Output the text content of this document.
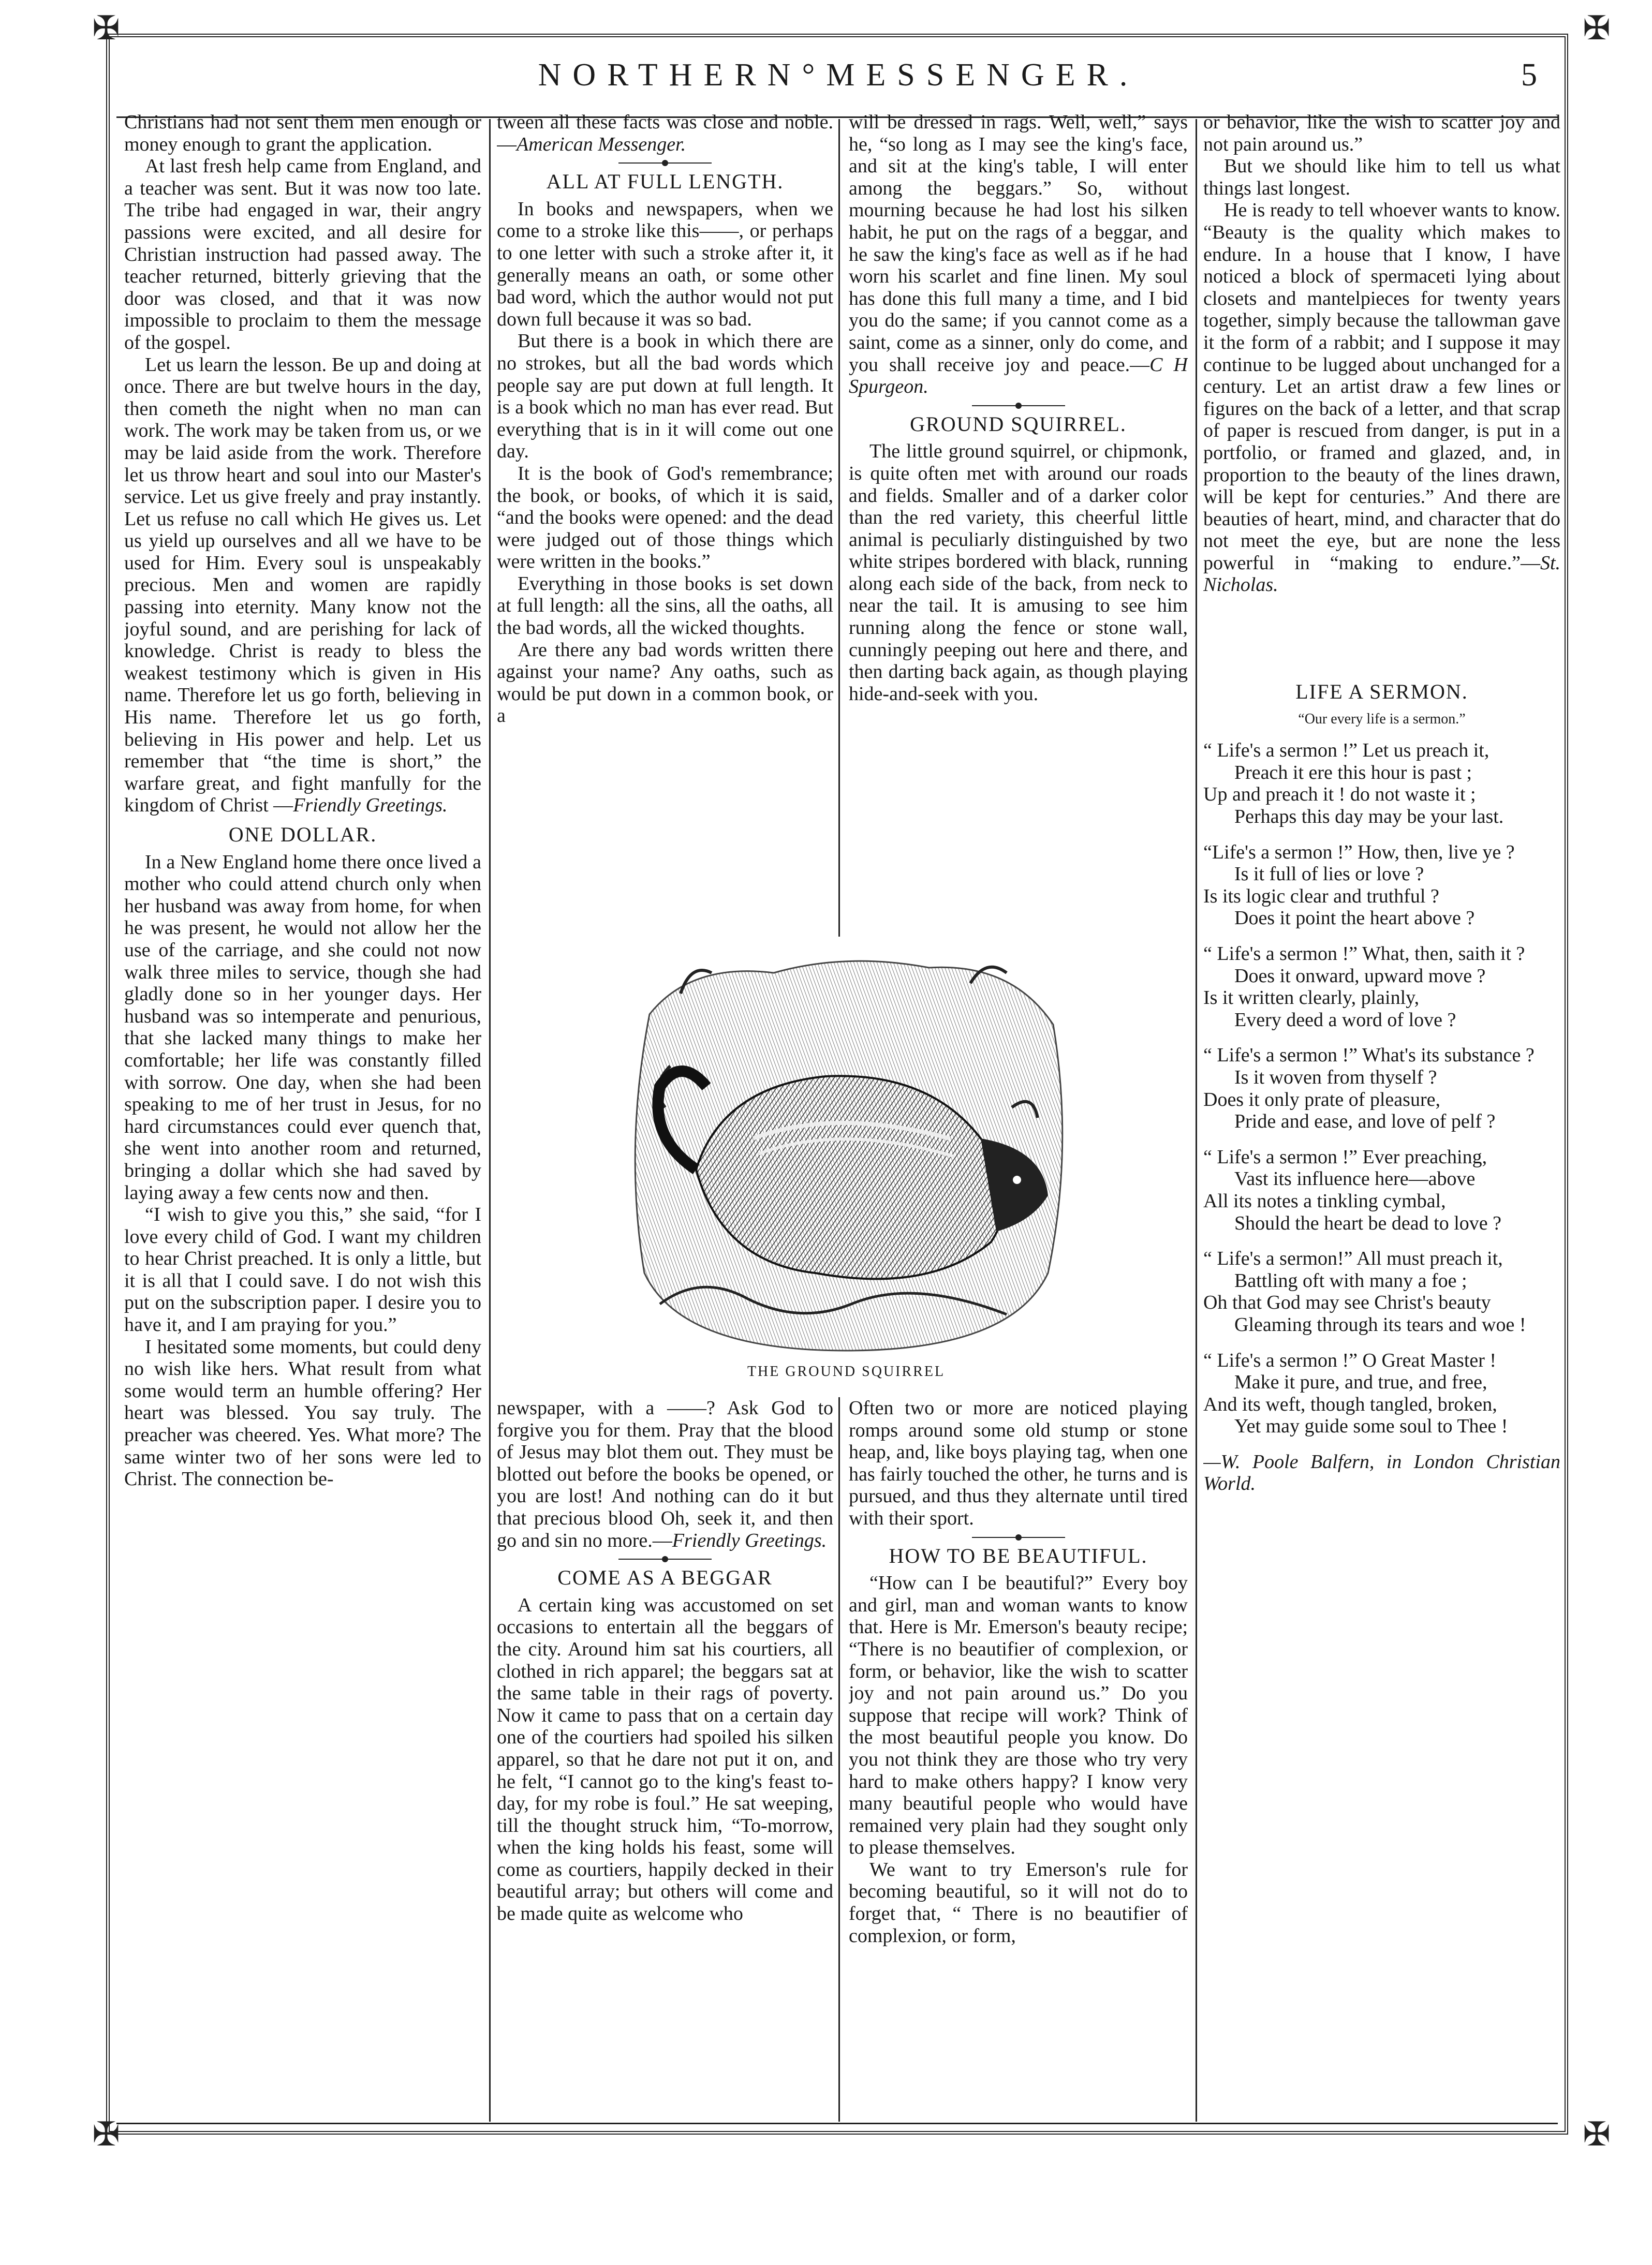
✠	✠
✠	✠
NORTHERN°MESSENGER.	5

Christians had not sent them men enough or money enough to grant the application.

At last fresh help came from England, and a teacher was sent. But it was now too late. The tribe had engaged in war, their angry passions were excited, and all desire for Christian instruction had passed away. The teacher returned, bitterly grieving that the door was closed, and that it was now impossible to proclaim to them the message of the gospel.

Let us learn the lesson. Be up and doing at once. There are but twelve hours in the day, then cometh the night when no man can work. The work may be taken from us, or we may be laid aside from the work. Therefore let us throw heart and soul into our Master's service. Let us give freely and pray instantly. Let us refuse no call which He gives us. Let us yield up ourselves and all we have to be used for Him. Every soul is unspeakably precious. Men and women are rapidly passing into eternity. Many know not the joyful sound, and are perishing for lack of knowledge. Christ is ready to bless the weakest testimony which is given in His name. Therefore let us go forth, believing in His name. Therefore let us go forth, believing in His power and help. Let us remember that “the time is short,” the warfare great, and fight manfully for the kingdom of Christ —Friendly Greetings.

ONE DOLLAR.

In a New England home there once lived a mother who could attend church only when her husband was away from home, for when he was present, he would not allow her the use of the carriage, and she could not now walk three miles to service, though she had gladly done so in her younger days. Her husband was so intemperate and penurious, that she lacked many things to make her comfortable; her life was constantly filled with sorrow. One day, when she had been speaking to me of her trust in Jesus, for no hard circumstances could ever quench that, she went into another room and returned, bringing a dollar which she had saved by laying away a few cents now and then.

“I wish to give you this,” she said, “for I love every child of God. I want my children to hear Christ preached. It is only a little, but it is all that I could save. I do not wish this put on the subscription paper. I desire you to have it, and I am praying for you.”

I hesitated some moments, but could deny no wish like hers. What result from what some would term an humble offering? Her heart was blessed. You say truly. The preacher was cheered. Yes. What more? The same winter two of her sons were led to Christ. The connection be-

tween all these facts was close and noble.—American Messenger.

ALL AT FULL LENGTH.

In books and newspapers, when we come to a stroke like this——, or perhaps to one letter with such a stroke after it, it generally means an oath, or some other bad word, which the author would not put down full because it was so bad.

But there is a book in which there are no strokes, but all the bad words which people say are put down at full length. It is a book which no man has ever read. But everything that is in it will come out one day.

It is the book of God's remembrance; the book, or books, of which it is said, “and the books were opened: and the dead were judged out of those things which were written in the books.”

Everything in those books is set down at full length: all the sins, all the oaths, all the bad words, all the wicked thoughts.

Are there any bad words written there against your name? Any oaths, such as would be put down in a common book, or a

will be dressed in rags. Well, well,” says he, “so long as I may see the king's face, and sit at the king's table, I will enter among the beggars.” So, without mourning because he had lost his silken habit, he put on the rags of a beggar, and he saw the king's face as well as if he had worn his scarlet and fine linen. My soul has done this full many a time, and I bid you do the same; if you cannot come as a saint, come as a sinner, only do come, and you shall receive joy and peace.—C H Spurgeon.

GROUND SQUIRREL.

The little ground squirrel, or chipmonk, is quite often met with around our roads and fields. Smaller and of a darker color than the red variety, this cheerful little animal is peculiarly distinguished by two white stripes bordered with black, running along each side of the back, from neck to near the tail. It is amusing to see him running along the fence or stone wall, cunningly peeping out here and there, and then darting back again, as though playing hide-and-seek with you.

THE GROUND SQUIRREL

newspaper, with a ——? Ask God to forgive you for them. Pray that the blood of Jesus may blot them out. They must be blotted out before the books be opened, or you are lost! And nothing can do it but that precious blood Oh, seek it, and then go and sin no more.—Friendly Greetings.

COME AS A BEGGAR

A certain king was accustomed on set occasions to entertain all the beggars of the city. Around him sat his courtiers, all clothed in rich apparel; the beggars sat at the same table in their rags of poverty. Now it came to pass that on a certain day one of the courtiers had spoiled his silken apparel, so that he dare not put it on, and he felt, “I cannot go to the king's feast to-day, for my robe is foul.” He sat weeping, till the thought struck him, “To-morrow, when the king holds his feast, some will come as courtiers, happily decked in their beautiful array; but others will come and be made quite as welcome who

Often two or more are noticed playing romps around some old stump or stone heap, and, like boys playing tag, when one has fairly touched the other, he turns and is pursued, and thus they alternate until tired with their sport.

HOW TO BE BEAUTIFUL.

“How can I be beautiful?” Every boy and girl, man and woman wants to know that. Here is Mr. Emerson's beauty recipe; “There is no beautifier of complexion, or form, or behavior, like the wish to scatter joy and not pain around us.” Do you suppose that recipe will work? Think of the most beautiful people you know. Do you not think they are those who try very hard to make others happy? I know very many beautiful people who would have remained very plain had they sought only to please themselves.

We want to try Emerson's rule for becoming beautiful, so it will not do to forget that, “ There is no beautifier of complexion, or form,

or behavior, like the wish to scatter joy and not pain around us.”

But we should like him to tell us what things last longest.

He is ready to tell whoever wants to know. “Beauty is the quality which makes to endure. In a house that I know, I have noticed a block of spermaceti lying about closets and mantelpieces for twenty years together, simply because the tallowman gave it the form of a rabbit; and I suppose it may continue to be lugged about unchanged for a century. Let an artist draw a few lines or figures on the back of a letter, and that scrap of paper is rescued from danger, is put in a portfolio, or framed and glazed, and, in proportion to the beauty of the lines drawn, will be kept for centuries.” And there are beauties of heart, mind, and character that do not meet the eye, but are none the less powerful in “making to endure.”—St. Nicholas.

LIFE A SERMON.
“Our every life is a sermon.”
“ Life's a sermon !” Let us preach it,
Preach it ere this hour is past ;
Up and preach it ! do not waste it ;
Perhaps this day may be your last.
“Life's a sermon !” How, then, live ye ?
Is it full of lies or love ?
Is its logic clear and truthful ?
Does it point the heart above ?
“ Life's a sermon !” What, then, saith it ?
Does it onward, upward move ?
Is it written clearly, plainly,
Every deed a word of love ?
“ Life's a sermon !” What's its substance ?
Is it woven from thyself ?
Does it only prate of pleasure,
Pride and ease, and love of pelf ?
“ Life's a sermon !” Ever preaching,
Vast its influence here—above
All its notes a tinkling cymbal,
Should the heart be dead to love ?
“ Life's a sermon!” All must preach it,
Battling oft with many a foe ;
Oh that God may see Christ's beauty
Gleaming through its tears and woe !
“ Life's a sermon !” O Great Master !
Make it pure, and true, and free,
And its weft, though tangled, broken,
Yet may guide some soul to Thee !

—W. Poole Balfern, in London Christian World.
